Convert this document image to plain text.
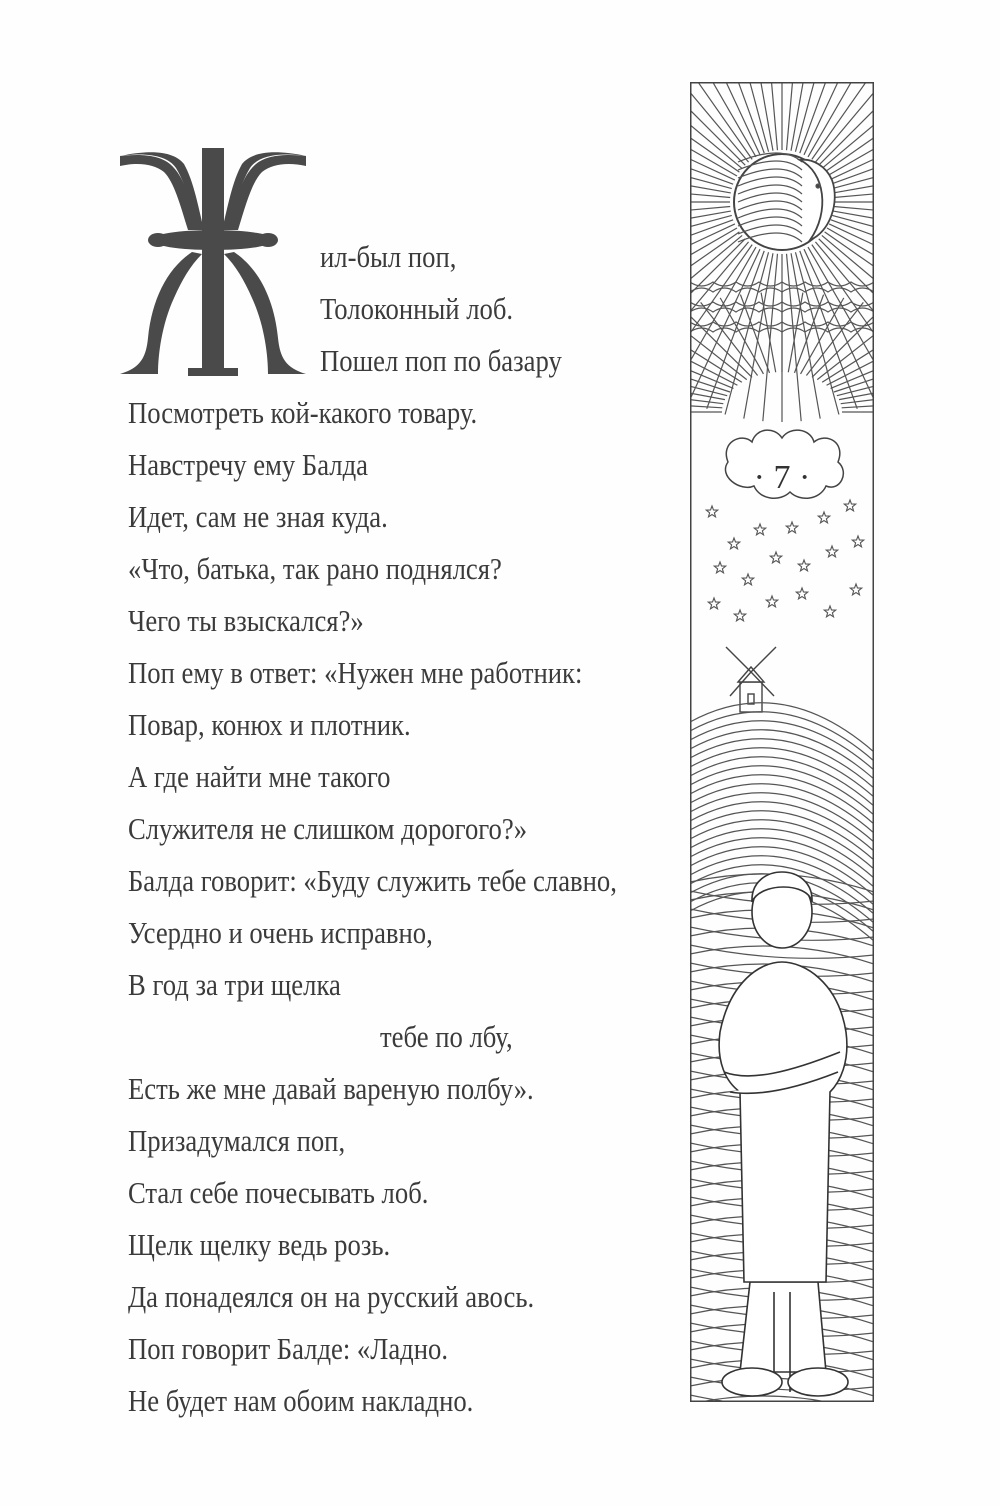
ил-был поп,
Толоконный лоб.
Пошел поп по базару
Посмотреть кой-какого товару.
Навстречу ему Балда
Идет, сам не зная куда.
«Что, батька, так рано поднялся?
Чего ты взыскался?»
Поп ему в ответ: «Нужен мне работник:
Повар, конюх и плотник.
А где найти мне такого
Служителя не слишком дорогого?»
Балда говорит: «Буду служить тебе славно,
Усердно и очень исправно,
В год за три щелка
тебе по лбу,
Есть же мне давай вареную полбу».
Призадумался поп,
Стал себе почесывать лоб.
Щелк щелку ведь розь.
Да понадеялся он на русский авось.
Поп говорит Балде: «Ладно.
Не будет нам обоим накладно.
· 7 ·
